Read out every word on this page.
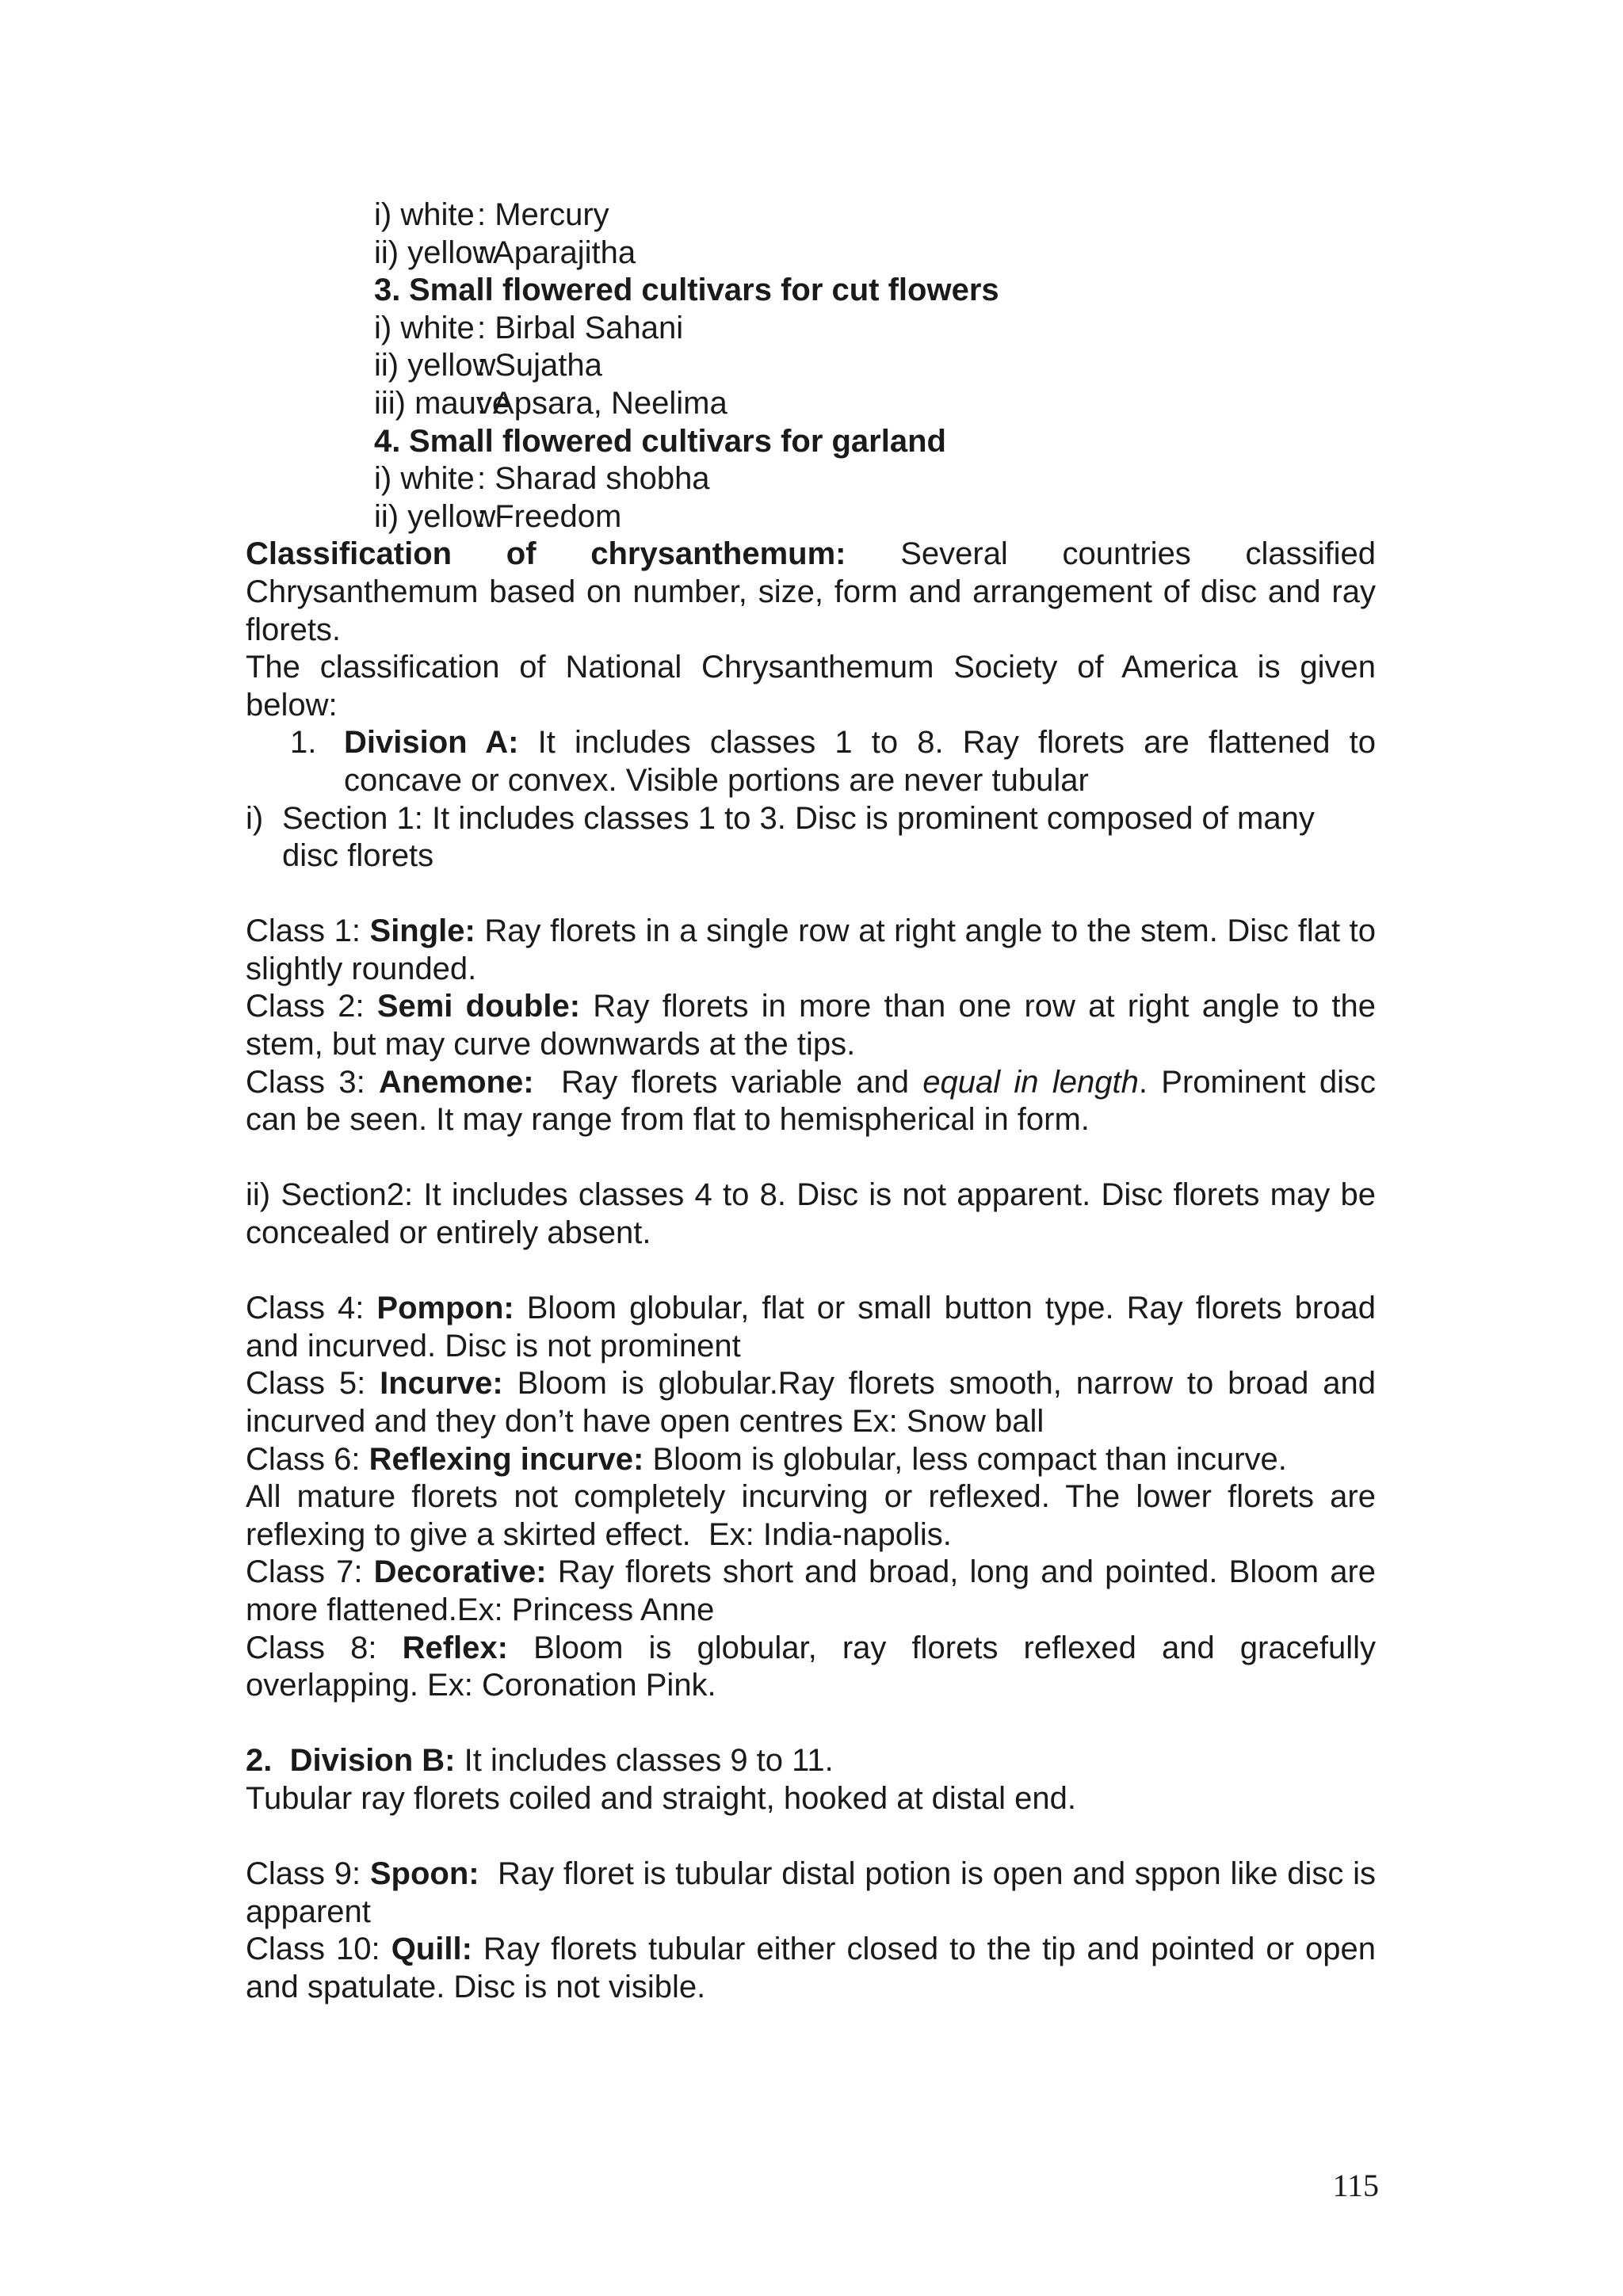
i) white: Mercury
ii) yellow: Aparajitha
3. Small flowered cultivars for cut flowers
i) white: Birbal Sahani
ii) yellow: Sujatha
iii) mauve: Apsara, Neelima
4. Small flowered cultivars for garland
i) white: Sharad shobha
ii) yellow: Freedom
Classification of chrysanthemum: Several countries classified Chrysanthemum based on number, size, form and arrangement of disc and ray florets.
The classification of National Chrysanthemum Society of America is given below:
1. Division A: It includes classes 1 to 8. Ray florets are flattened to concave or convex. Visible portions are never tubular
i) Section 1: It includes classes 1 to 3. Disc is prominent composed of many disc florets
Class 1: Single: Ray florets in a single row at right angle to the stem. Disc flat to slightly rounded.
Class 2: Semi double: Ray florets in more than one row at right angle to the stem, but may curve downwards at the tips.
Class 3: Anemone:  Ray florets variable and equal in length. Prominent disc can be seen. It may range from flat to hemispherical in form.
ii) Section2: It includes classes 4 to 8. Disc is not apparent. Disc florets may be concealed or entirely absent.
Class 4: Pompon: Bloom globular, flat or small button type. Ray florets broad and incurved. Disc is not prominent
Class 5: Incurve: Bloom is globular.Ray florets smooth, narrow to broad and incurved and they don’t have open centres Ex: Snow ball
Class 6: Reflexing incurve: Bloom is globular, less compact than incurve.
All mature florets not completely incurving or reflexed. The lower florets are reflexing to give a skirted effect.  Ex: India-napolis.
Class 7: Decorative: Ray florets short and broad, long and pointed. Bloom are more flattened.Ex: Princess Anne
Class 8: Reflex: Bloom is globular, ray florets reflexed and gracefully overlapping. Ex: Coronation Pink.
2.  Division B: It includes classes 9 to 11.
Tubular ray florets coiled and straight, hooked at distal end.
Class 9: Spoon:  Ray floret is tubular distal potion is open and sppon like disc is apparent
Class 10: Quill: Ray florets tubular either closed to the tip and pointed or open and spatulate. Disc is not visible.
115
